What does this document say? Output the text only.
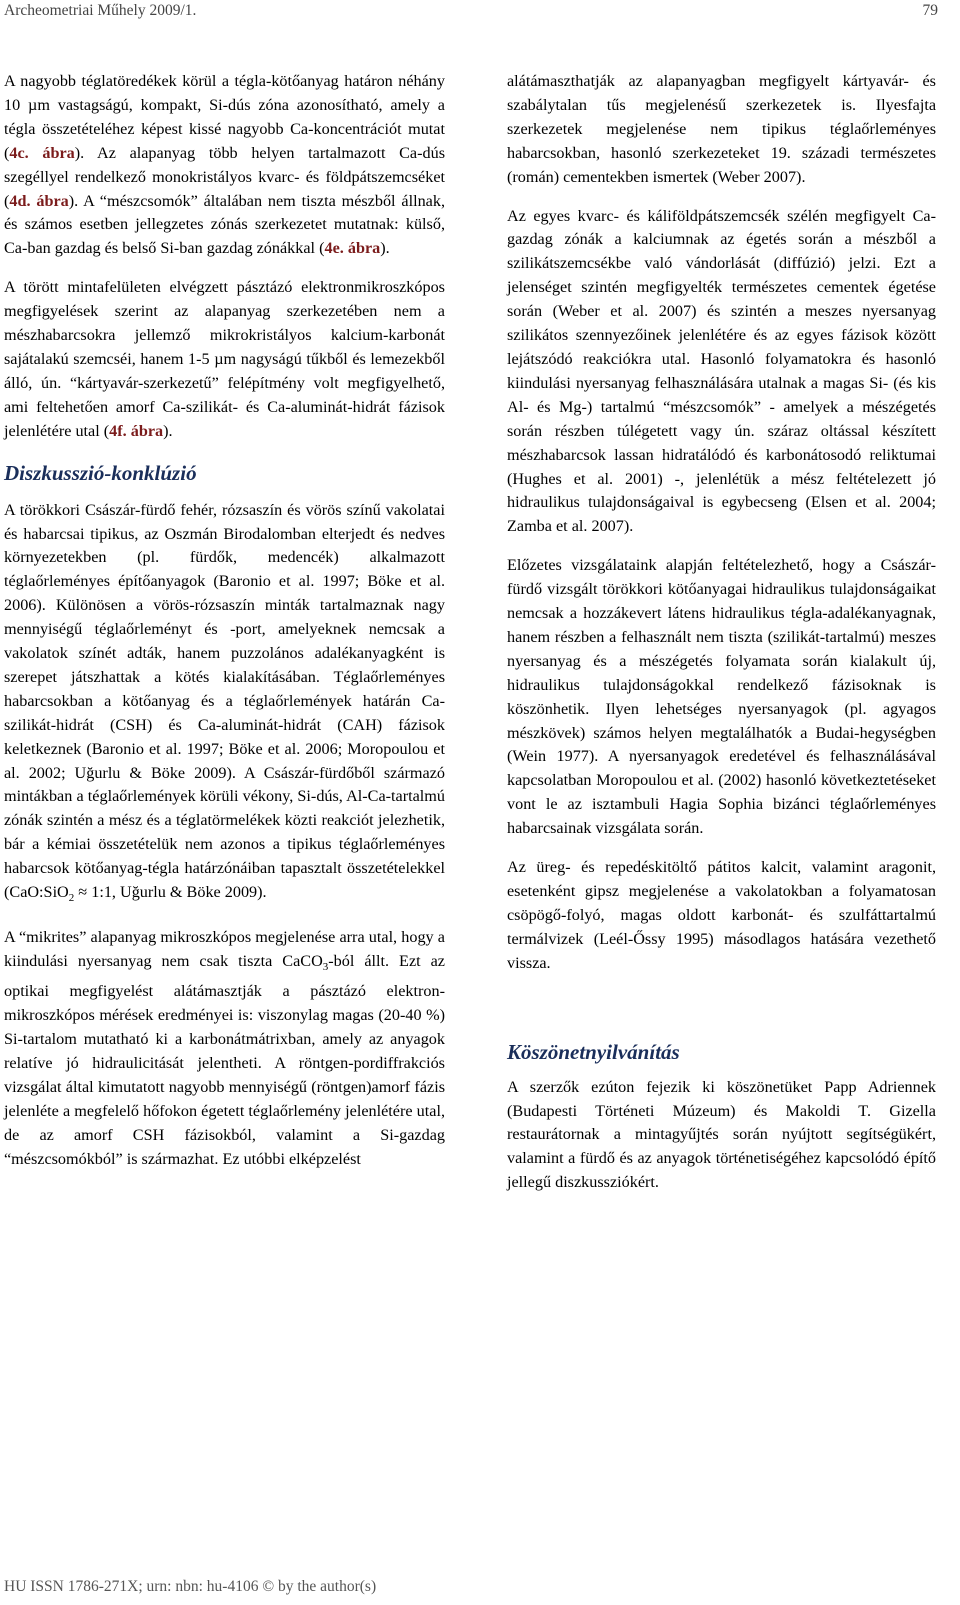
Archeometriai Műhely 2009/1.	79

A nagyobb téglatöredékek körül a tégla-kötőanyag határon néhány 10 µm vastagságú, kompakt, Si-dús zóna azonosítható, amely a tégla összetételéhez képest kissé nagyobb Ca-koncentrációt mutat (4c. ábra). Az alapanyag több helyen tartalmazott Ca-dús szegéllyel rendelkező monokristályos kvarc- és földpátszemcséket (4d. ábra). A “mészcsomók” általában nem tiszta mészből állnak, és számos esetben jellegzetes zónás szerkezetet mutatnak: külső, Ca-ban gazdag és belső Si-ban gazdag zónákkal (4e. ábra).

A törött mintafelületen elvégzett pásztázó elektronmikroszkópos megfigyelések szerint az alapanyag szerkezetében nem a mészhabarcsokra jellemző mikrokristályos kalcium-karbonát sajátalakú szemcséi, hanem 1-5 µm nagyságú tűkből és lemezekből álló, ún. “kártyavár-szerkezetű” felépítmény volt megfigyelhető, ami feltehetően amorf Ca-szilikát- és Ca-aluminát-hidrát fázisok jelenlétére utal (4f. ábra).

Diszkusszió-konklúzió

A törökkori Császár-fürdő fehér, rózsaszín és vörös színű vakolatai és habarcsai tipikus, az Oszmán Birodalomban elterjedt és nedves környezetekben (pl. fürdők, medencék) alkalmazott téglaőrleményes építőanyagok (Baronio et al. 1997; Böke et al. 2006). Különösen a vörös-rózsaszín minták tartalmaznak nagy mennyiségű téglaőrleményt és -port, amelyeknek nemcsak a vakolatok színét adták, hanem puzzolános adalékanyagként is szerepet játszhattak a kötés kialakításában. Téglaőrleményes habarcsokban a kötőanyag és a téglaőrlemények határán Ca-szilikát-hidrát (CSH) és Ca-aluminát-hidrát (CAH) fázisok keletkeznek (Baronio et al. 1997; Böke et al. 2006; Moropoulou et al. 2002; Uğurlu & Böke 2009). A Császár-fürdőből származó mintákban a téglaőrlemények körüli vékony, Si-dús, Al-Ca-tartalmú zónák szintén a mész és a téglatörmelékek közti reakciót jelezhetik, bár a kémiai összetételük nem azonos a tipikus téglaőrleményes habarcsok kötőanyag-tégla határzónáiban tapasztalt összetételekkel (CaO:SiO$_2$ ≈ 1:1, Uğurlu & Böke 2009).

A “mikrites” alapanyag mikroszkópos megjelenése arra utal, hogy a kiindulási nyersanyag nem csak tiszta CaCO$_3$-ból állt. Ezt az optikai megfigyelést alátámasztják a pásztázó elektron-mikroszkópos mérések eredményei is: viszonylag magas (20-40 %) Si-tartalom mutatható ki a karbonátmátrixban, amely az anyagok relatíve jó hidraulicitását jelentheti. A röntgen-pordiffrakciós vizsgálat által kimutatott nagyobb mennyiségű (röntgen)amorf fázis jelenléte a megfelelő hőfokon égetett téglaőrlemény jelenlétére utal, de az amorf CSH fázisokból, valamint a Si-gazdag “mészcsomókból” is származhat. Ez utóbbi elképzelést

alátámaszthatják az alapanyagban megfigyelt kártyavár- és szabálytalan tűs megjelenésű szerkezetek is. Ilyesfajta szerkezetek megjelenése nem tipikus téglaőrleményes habarcsokban, hasonló szerkezeteket 19. századi természetes (román) cementekben ismertek (Weber 2007).

Az egyes kvarc- és káliföldpátszemcsék szélén megfigyelt Ca-gazdag zónák a kalciumnak az égetés során a mészből a szilikátszemcsékbe való vándorlását (diffúzió) jelzi. Ezt a jelenséget szintén megfigyelték természetes cementek égetése során (Weber et al. 2007) és szintén a meszes nyersanyag szilikátos szennyezőinek jelenlétére és az egyes fázisok között lejátszódó reakciókra utal. Hasonló folyamatokra és hasonló kiindulási nyersanyag felhasználására utalnak a magas Si- (és kis Al- és Mg-) tartalmú “mészcsomók” - amelyek a mészégetés során részben túlégetett vagy ún. száraz oltással készített mészhabarcsok lassan hidratálódó és karbonátosodó reliktumai (Hughes et al. 2001) -, jelenlétük a mész feltételezett jó hidraulikus tulajdonságaival is egybecseng (Elsen et al. 2004; Zamba et al. 2007).

Előzetes vizsgálataink alapján feltételezhető, hogy a Császár-fürdő vizsgált törökkori kötőanyagai hidraulikus tulajdonságaikat nemcsak a hozzákevert látens hidraulikus tégla-adalékanyagnak, hanem részben a felhasznált nem tiszta (szilikát-tartalmú) meszes nyersanyag és a mészégetés folyamata során kialakult új, hidraulikus tulajdonságokkal rendelkező fázisoknak is köszönhetik. Ilyen lehetséges nyersanyagok (pl. agyagos mészkövek) számos helyen megtalálhatók a Budai-hegységben (Wein 1977). A nyersanyagok eredetével és felhasználásával kapcsolatban Moropoulou et al. (2002) hasonló következtetéseket vont le az isztambuli Hagia Sophia bizánci téglaőrleményes habarcsainak vizsgálata során.

Az üreg- és repedéskitöltő pátitos kalcit, valamint aragonit, esetenként gipsz megjelenése a vakolatokban a folyamatosan csöpögő-folyó, magas oldott karbonát- és szulfáttartalmú termálvizek (Leél-Őssy 1995) másodlagos hatására vezethető vissza.

Köszönetnyilvánítás

A szerzők ezúton fejezik ki köszönetüket Papp Adriennek (Budapesti Történeti Múzeum) és Makoldi T. Gizella restaurátornak a mintagyűjtés során nyújtott segítségükért, valamint a fürdő és az anyagok történetiségéhez kapcsolódó építő jellegű diszkussziókért.

HU ISSN 1786-271X; urn: nbn: hu-4106 © by the author(s)
